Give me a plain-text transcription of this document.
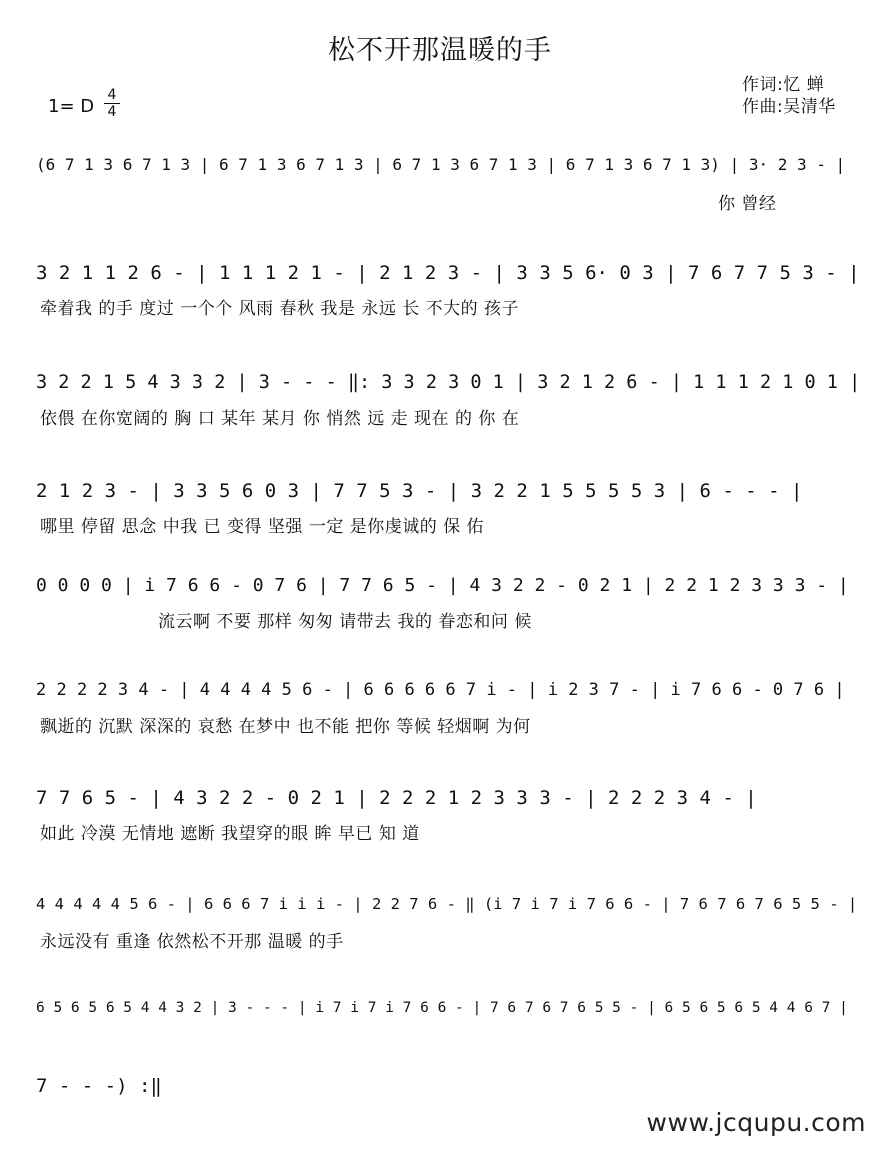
松不开那温暖的手
作词:忆 蝉
作曲:吴清华
1= D
4
4
(6 7 1 3 6 7 1 3 | 6 7 1 3 6 7 1 3 | 6 7 1 3 6 7 1 3 | 6 7 1 3 6 7 1 3) | 3· 2 3 - |
你 曾经
3 2 1 1 2 6 - | 1 1 1 2 1 - | 2 1 2 3 - | 3 3 5 6· 0 3 | 7 6 7 7 5 3 - |
牵着我 的手 度过 一个个 风雨 春秋 我是 永远 长 不大的 孩子
3 2 2 1 5 4 3 3 2 | 3 - - - ‖: 3 3 2 3 0 1 | 3 2 1 2 6 - | 1 1 1 2 1 0 1 |
依偎 在你宽阔的 胸 口 某年 某月 你 悄然 远 走 现在 的 你 在
2 1 2 3 - | 3 3 5 6 0 3 | 7 7 5 3 - | 3 2 2 1 5 5 5 5 3 | 6 - - - |
哪里 停留 思念 中我 已 变得 坚强 一定 是你虔诚的 保 佑
0 0 0 0 | i 7 6 6 - 0 7 6 | 7 7 6 5 - | 4 3 2 2 - 0 2 1 | 2 2 1 2 3 3 3 - |
流云啊 不要 那样 匆匆 请带去 我的 眷恋和问 候
2 2 2 2 3 4 - | 4 4 4 4 5 6 - | 6 6 6 6 6 7 i - | i 2 3 7 - | i 7 6 6 - 0 7 6 |
飘逝的 沉默 深深的 哀愁 在梦中 也不能 把你 等候 轻烟啊 为何
7 7 6 5 - | 4 3 2 2 - 0 2 1 | 2 2 2 1 2 3 3 3 - | 2 2 2 3 4 - |
如此 冷漠 无情地 遮断 我望穿的眼 眸 早已 知 道
4 4 4 4 4 5 6 - | 6 6 6 7 i i i - | 2 2 7 6 - ‖ (i 7 i 7 i 7 6 6 - | 7 6 7 6 7 6 5 5 - |
永远没有 重逢 依然松不开那 温暖 的手
6 5 6 5 6 5 4 4 3 2 | 3 - - - | i 7 i 7 i 7 6 6 - | 7 6 7 6 7 6 5 5 - | 6 5 6 5 6 5 4 4 6 7 |
7 - - -) :‖
www.jcqupu.com
